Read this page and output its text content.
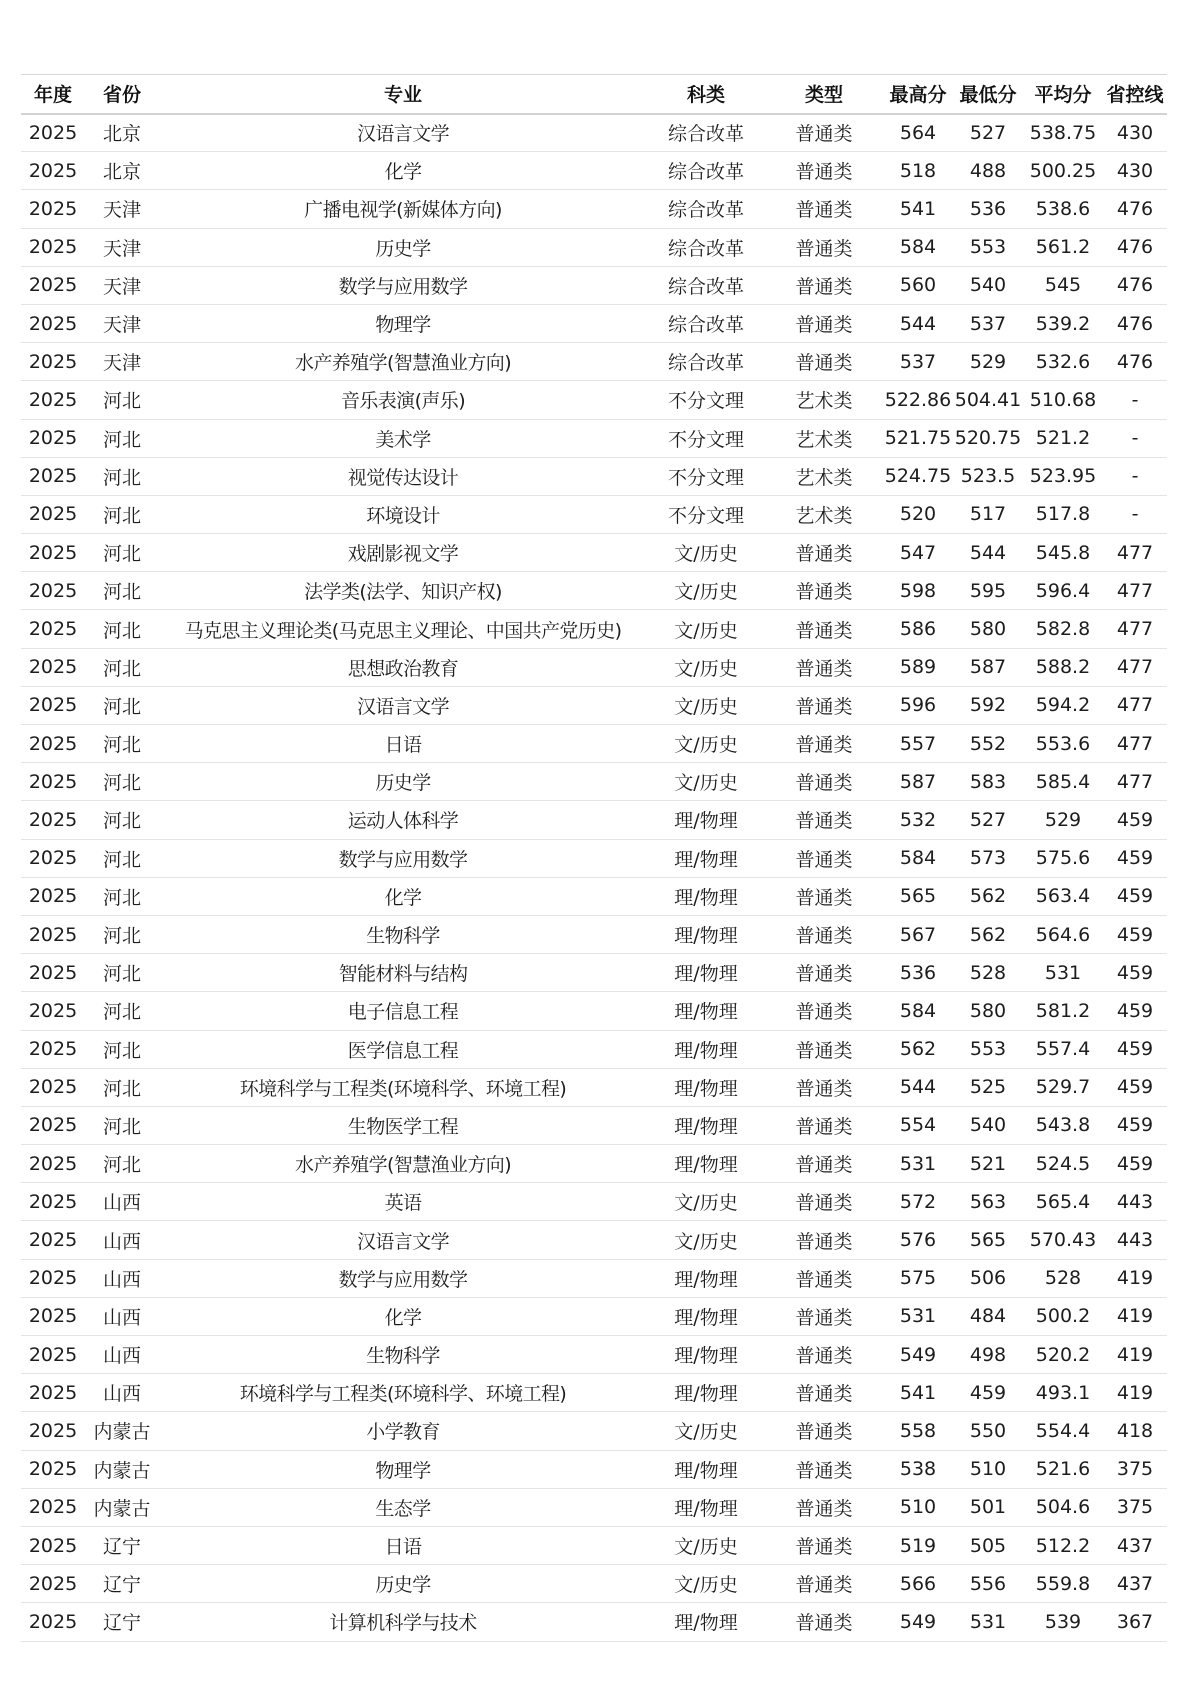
年度	省份	专业	科类	类型	最高分	最低分	平均分	省控线
2025	北京	汉语言文学	综合改革	普通类	564	527	538.75	430
2025	北京	化学	综合改革	普通类	518	488	500.25	430
2025	天津	广播电视学(新媒体方向)	综合改革	普通类	541	536	538.6	476
2025	天津	历史学	综合改革	普通类	584	553	561.2	476
2025	天津	数学与应用数学	综合改革	普通类	560	540	545	476
2025	天津	物理学	综合改革	普通类	544	537	539.2	476
2025	天津	水产养殖学(智慧渔业方向)	综合改革	普通类	537	529	532.6	476
2025	河北	音乐表演(声乐)	不分文理	艺术类	522.86	504.41	510.68	-
2025	河北	美术学	不分文理	艺术类	521.75	520.75	521.2	-
2025	河北	视觉传达设计	不分文理	艺术类	524.75	523.5	523.95	-
2025	河北	环境设计	不分文理	艺术类	520	517	517.8	-
2025	河北	戏剧影视文学	文/历史	普通类	547	544	545.8	477
2025	河北	法学类(法学、知识产权)	文/历史	普通类	598	595	596.4	477
2025	河北	马克思主义理论类(马克思主义理论、中国共产党历史)	文/历史	普通类	586	580	582.8	477
2025	河北	思想政治教育	文/历史	普通类	589	587	588.2	477
2025	河北	汉语言文学	文/历史	普通类	596	592	594.2	477
2025	河北	日语	文/历史	普通类	557	552	553.6	477
2025	河北	历史学	文/历史	普通类	587	583	585.4	477
2025	河北	运动人体科学	理/物理	普通类	532	527	529	459
2025	河北	数学与应用数学	理/物理	普通类	584	573	575.6	459
2025	河北	化学	理/物理	普通类	565	562	563.4	459
2025	河北	生物科学	理/物理	普通类	567	562	564.6	459
2025	河北	智能材料与结构	理/物理	普通类	536	528	531	459
2025	河北	电子信息工程	理/物理	普通类	584	580	581.2	459
2025	河北	医学信息工程	理/物理	普通类	562	553	557.4	459
2025	河北	环境科学与工程类(环境科学、环境工程)	理/物理	普通类	544	525	529.7	459
2025	河北	生物医学工程	理/物理	普通类	554	540	543.8	459
2025	河北	水产养殖学(智慧渔业方向)	理/物理	普通类	531	521	524.5	459
2025	山西	英语	文/历史	普通类	572	563	565.4	443
2025	山西	汉语言文学	文/历史	普通类	576	565	570.43	443
2025	山西	数学与应用数学	理/物理	普通类	575	506	528	419
2025	山西	化学	理/物理	普通类	531	484	500.2	419
2025	山西	生物科学	理/物理	普通类	549	498	520.2	419
2025	山西	环境科学与工程类(环境科学、环境工程)	理/物理	普通类	541	459	493.1	419
2025	内蒙古	小学教育	文/历史	普通类	558	550	554.4	418
2025	内蒙古	物理学	理/物理	普通类	538	510	521.6	375
2025	内蒙古	生态学	理/物理	普通类	510	501	504.6	375
2025	辽宁	日语	文/历史	普通类	519	505	512.2	437
2025	辽宁	历史学	文/历史	普通类	566	556	559.8	437
2025	辽宁	计算机科学与技术	理/物理	普通类	549	531	539	367
